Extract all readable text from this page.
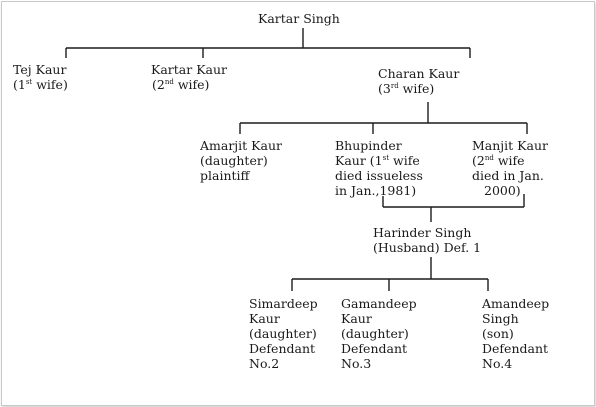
Kartar Singh
Tej Kaur
(1st wife)
Kartar Kaur
(2nd wife)
Charan Kaur
(3rd wife)
Amarjit Kaur
(daughter)
plaintiff
Bhupinder
Kaur (1st wife
died issueless
in Jan.,1981)
Manjit Kaur
(2nd wife
died in Jan.
2000)
Harinder Singh
(Husband) Def. 1
Simardeep
Kaur
(daughter)
Defendant
No.2
Gamandeep
Kaur
(daughter)
Defendant
No.3
Amandeep
Singh
(son)
Defendant
No.4
